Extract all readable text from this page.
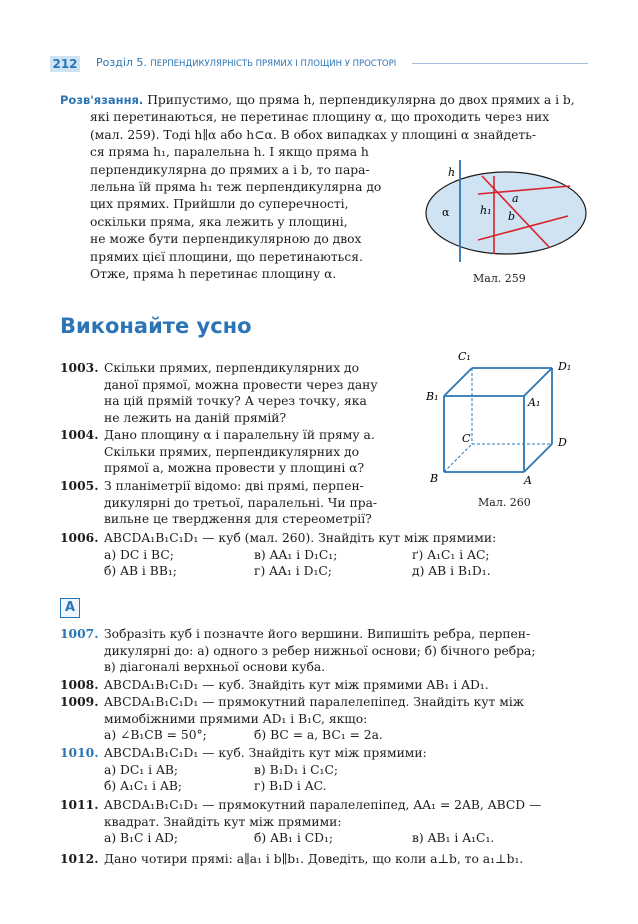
212 Розділ 5. ПЕРПЕНДИКУЛЯРНІСТЬ ПРЯМИХ І ПЛОЩИН У ПРОСТОРІ
Розв'язання. Припустимо, що пряма h, перпендикулярна до двох прямих a і b,
які перетинаються, не перетинає площину α, що проходить через них
(мал. 259). Тоді h∥α або h⊂α. В обох випадках у площині α знайдеть-
ся пряма h₁, паралельна h. І якщо пряма h
перпендикулярна до прямих a і b, то пара-
лельна їй пряма h₁ теж перпендикулярна до
цих прямих. Прийшли до суперечності,
оскільки пряма, яка лежить у площині,
не може бути перпендикулярною до двох
прямих цієї площини, що перетинаються.
Отже, пряма h перетинає площину α.
h
α	h₁
a
b
Мал. 259
Виконайте усно
C₁
D₁
B₁	A₁
C	D
B	A
Мал. 260
1003. Скільки прямих, перпендикулярних до
даної прямої, можна провести через дану
на цій прямій точку? А через точку, яка
не лежить на даній прямій?
1004. Дано площину α і паралельну їй пряму a.
Скільки прямих, перпендикулярних до
прямої a, можна провести у площині α?
1005. З планіметрії відомо: дві прямі, перпен-
дикулярні до третьої, паралельні. Чи пра-
вильне це твердження для стереометрії?
1006. ABCDA₁B₁C₁D₁ — куб (мал. 260). Знайдіть кут між прямими:
а) DC і BC;	в) AA₁ і D₁C₁;	ґ) A₁C₁ і AC;
б) AB і BB₁;	г) AA₁ і D₁C;	д) AB і B₁D₁.
А
1007. Зобразіть куб і позначте його вершини. Випишіть ребра, перпен-
дикулярні до: а) одного з ребер нижньої основи; б) бічного ребра;
в) діагоналі верхньої основи куба.
1008. ABCDA₁B₁C₁D₁ — куб. Знайдіть кут між прямими AB₁ і AD₁.
1009. ABCDA₁B₁C₁D₁ — прямокутний паралелепіпед. Знайдіть кут між
мимобіжними прямими AD₁ і B₁C, якщо:
а) ∠B₁CB = 50°;	б) BC = a, BC₁ = 2a.
1010. ABCDA₁B₁C₁D₁ — куб. Знайдіть кут між прямими:
а) DC₁ і AB;	в) B₁D₁ і C₁C;
б) A₁C₁ і AB;	г) B₁D і AC.
1011. ABCDA₁B₁C₁D₁ — прямокутний паралелепіпед, AA₁ = 2AB, ABCD —
квадрат. Знайдіть кут між прямими:
а) B₁C і AD;	б) AB₁ і CD₁;	в) AB₁ і A₁C₁.
1012. Дано чотири прямі: a∥a₁ і b∥b₁. Доведіть, що коли a⊥b, то a₁⊥b₁.
